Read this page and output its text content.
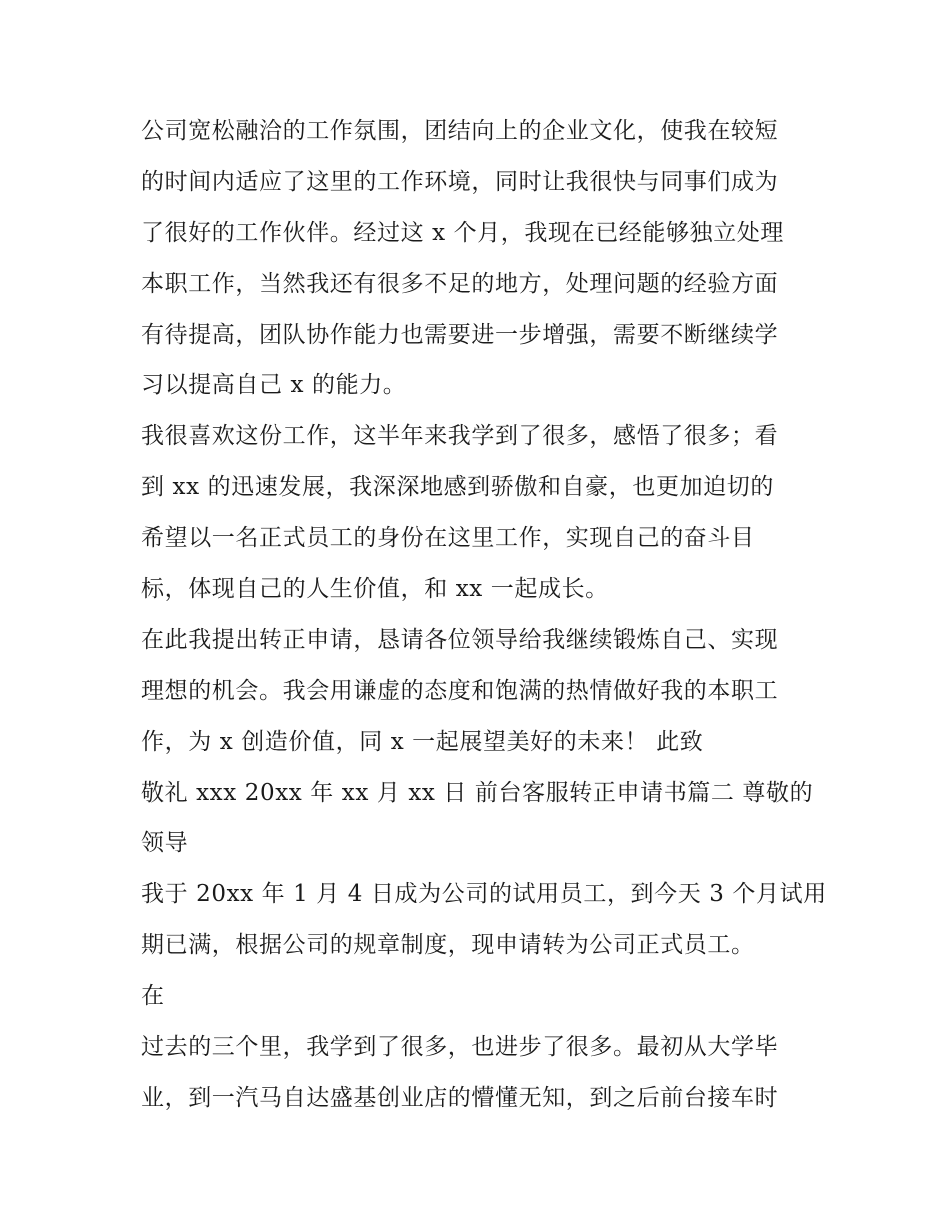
公司宽松融洽的工作氛围，团结向上的企业文化，使我在较短
的时间内适应了这里的工作环境，同时让我很快与同事们成为
了很好的工作伙伴。经过这 x 个月，我现在已经能够独立处理
本职工作，当然我还有很多不足的地方，处理问题的经验方面
有待提高，团队协作能力也需要进一步增强，需要不断继续学
习以提高自己 x 的能力。
我很喜欢这份工作，这半年来我学到了很多，感悟了很多；看
到 xx 的迅速发展，我深深地感到骄傲和自豪，也更加迫切的
希望以一名正式员工的身份在这里工作，实现自己的奋斗目
标，体现自己的人生价值，和 xx 一起成长。
在此我提出转正申请，恳请各位领导给我继续锻炼自己、实现
理想的机会。我会用谦虚的态度和饱满的热情做好我的本职工
作，为 x 创造价值，同 x 一起展望美好的未来！ 此致
敬礼 xxx 20xx 年 xx 月 xx 日 前台客服转正申请书篇二 尊敬的
领导
我于 20xx 年 1 月 4 日成为公司的试用员工，到今天 3 个月试用
期已满，根据公司的规章制度，现申请转为公司正式员工。
在
过去的三个里，我学到了很多，也进步了很多。最初从大学毕
业，到一汽马自达盛基创业店的懵懂无知，到之后前台接车时
